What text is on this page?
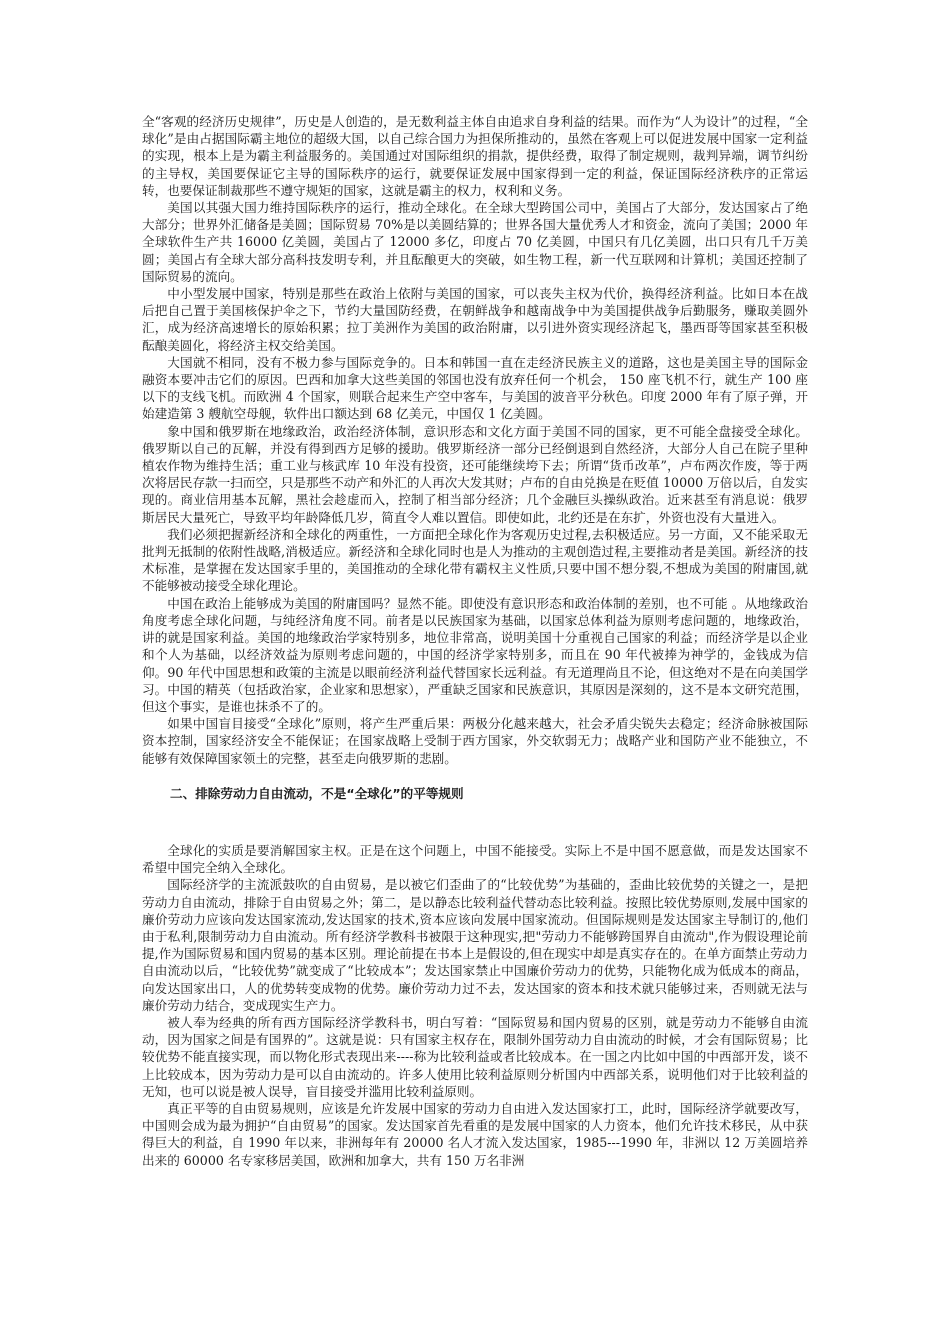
全“客观的经济历史规律”，历史是人创造的，是无数利益主体自由追求自身利益的结果。而作为“人为设计”的过程，“全球化”是由占据国际霸主地位的超级大国，以自己综合国力为担保所推动的，虽然在客观上可以促进发展中国家一定利益的实现，根本上是为霸主利益服务的。美国通过对国际组织的捐款，提供经费，取得了制定规则，裁判异端，调节纠纷的主导权，美国要保证它主导的国际秩序的运行，就要保证发展中国家得到一定的利益，保证国际经济秩序的正常运转，也要保证制裁那些不遵守规矩的国家，这就是霸主的权力，权利和义务。

美国以其强大国力维持国际秩序的运行，推动全球化。在全球大型跨国公司中，美国占了大部分，发达国家占了绝大部分；世界外汇储备是美圆；国际贸易 70%是以美圆结算的；世界各国大量优秀人才和资金，流向了美国；2000 年全球软件生产共 16000 亿美圆，美国占了 12000 多亿，印度占 70 亿美圆，中国只有几亿美圆，出口只有几千万美圆；美国占有全球大部分高科技发明专利，并且酝酿更大的突破，如生物工程，新一代互联网和计算机；美国还控制了国际贸易的流向。

中小型发展中国家，特别是那些在政治上依附与美国的国家，可以丧失主权为代价，换得经济利益。比如日本在战后把自己置于美国核保护伞之下，节约大量国防经费，在朝鲜战争和越南战争中为美国提供战争后勤服务，赚取美圆外汇，成为经济高速增长的原始积累；拉丁美洲作为美国的政治附庸，以引进外资实现经济起飞，墨西哥等国家甚至积极酝酿美圆化，将经济主权交给美国。

大国就不相同，没有不极力参与国际竞争的。日本和韩国一直在走经济民族主义的道路，这也是美国主导的国际金融资本要冲击它们的原因。巴西和加拿大这些美国的邻国也没有放弃任何一个机会， 150 座飞机不行，就生产 100 座以下的支线飞机。而欧洲 4 个国家，则联合起来生产空中客车，与美国的波音平分秋色。印度 2000 年有了原子弹，开始建造第 3 艘航空母舰，软件出口额达到 68 亿美元，中国仅 1 亿美圆。

象中国和俄罗斯在地缘政治，政治经济体制，意识形态和文化方面于美国不同的国家，更不可能全盘接受全球化。俄罗斯以自己的瓦解，并没有得到西方足够的援助。俄罗斯经济一部分已经倒退到自然经济，大部分人自己在院子里种植农作物为维持生活；重工业与核武库 10 年没有投资，还可能继续垮下去；所谓“货币改革”，卢布两次作废，等于两次将居民存款一扫而空，只是那些不动产和外汇的人再次大发其财；卢布的自由兑换是在贬值 10000 万倍以后，自发实现的。商业信用基本瓦解，黑社会趁虚而入，控制了相当部分经济；几个金融巨头操纵政治。近来甚至有消息说：俄罗斯居民大量死亡，导致平均年龄降低几岁，简直令人难以置信。即使如此，北约还是在东扩，外资也没有大量进入。

我们必须把握新经济和全球化的两重性，一方面把全球化作为客观历史过程,去积极适应。另一方面，又不能采取无批判无抵制的依附性战略,消极适应。新经济和全球化同时也是人为推动的主观创造过程,主要推动者是美国。新经济的技术标准，是掌握在发达国家手里的，美国推动的全球化带有霸权主义性质,只要中国不想分裂,不想成为美国的附庸国,就不能够被动接受全球化理论。

中国在政治上能够成为美国的附庸国吗？显然不能。即使没有意识形态和政治体制的差别，也不可能 。从地缘政治角度考虑全球化问题，与纯经济角度不同。前者是以民族国家为基础，以国家总体利益为原则考虑问题的，地缘政治，讲的就是国家利益。美国的地缘政治学家特别多，地位非常高，说明美国十分重视自己国家的利益；而经济学是以企业和个人为基础，以经济效益为原则考虑问题的，中国的经济学家特别多，而且在 90 年代被捧为神学的，金钱成为信仰。90 年代中国思想和政策的主流是以眼前经济利益代替国家长远利益。有无道理尚且不论，但这绝对不是在向美国学习。中国的精英（包括政治家，企业家和思想家），严重缺乏国家和民族意识，其原因是深刻的，这不是本文研究范围，但这个事实，是谁也抹杀不了的。

如果中国盲目接受“全球化”原则，将产生严重后果：两极分化越来越大，社会矛盾尖锐失去稳定；经济命脉被国际资本控制，国家经济安全不能保证；在国家战略上受制于西方国家，外交软弱无力；战略产业和国防产业不能独立，不能够有效保障国家领土的完整，甚至走向俄罗斯的悲剧。

二、排除劳动力自由流动，不是“全球化”的平等规则

全球化的实质是要消解国家主权。正是在这个问题上，中国不能接受。实际上不是中国不愿意做，而是发达国家不希望中国完全纳入全球化。

国际经济学的主流派鼓吹的自由贸易，是以被它们歪曲了的“比较优势”为基础的，歪曲比较优势的关键之一，是把劳动力自由流动，排除于自由贸易之外；第二，是以静态比较利益代替动态比较利益。按照比较优势原则,发展中国家的廉价劳动力应该向发达国家流动,发达国家的技术,资本应该向发展中国家流动。但国际规则是发达国家主导制订的,他们由于私利,限制劳动力自由流动。所有经济学教科书被限于这种现实,把"劳动力不能够跨国界自由流动",作为假设理论前提,作为国际贸易和国内贸易的基本区别。理论前提在书本上是假设的,但在现实中却是真实存在的。在单方面禁止劳动力自由流动以后，“比较优势”就变成了“比较成本”；发达国家禁止中国廉价劳动力的优势，只能物化成为低成本的商品，向发达国家出口，人的优势转变成物的优势。廉价劳动力过不去，发达国家的资本和技术就只能够过来，否则就无法与廉价劳动力结合，变成现实生产力。

被人奉为经典的所有西方国际经济学教科书，明白写着：“国际贸易和国内贸易的区别，就是劳动力不能够自由流动，因为国家之间是有国界的”。这就是说：只有国家主权存在，限制外国劳动力自由流动的时候，才会有国际贸易；比较优势不能直接实现，而以物化形式表现出来----称为比较利益或者比较成本。在一国之内比如中国的中西部开发，谈不上比较成本，因为劳动力是可以自由流动的。许多人使用比较利益原则分析国内中西部关系，说明他们对于比较利益的无知，也可以说是被人误导，盲目接受并滥用比较利益原则。

真正平等的自由贸易规则，应该是允许发展中国家的劳动力自由进入发达国家打工，此时，国际经济学就要改写，中国则会成为最为拥护“自由贸易”的国家。发达国家首先看重的是发展中国家的人力资本，他们允许技术移民，从中获得巨大的利益，自 1990 年以来，非洲每年有 20000 名人才流入发达国家，1985---1990 年，非洲以 12 万美圆培养出来的 60000 名专家移居美国，欧洲和加拿大，共有 150 万名非洲
